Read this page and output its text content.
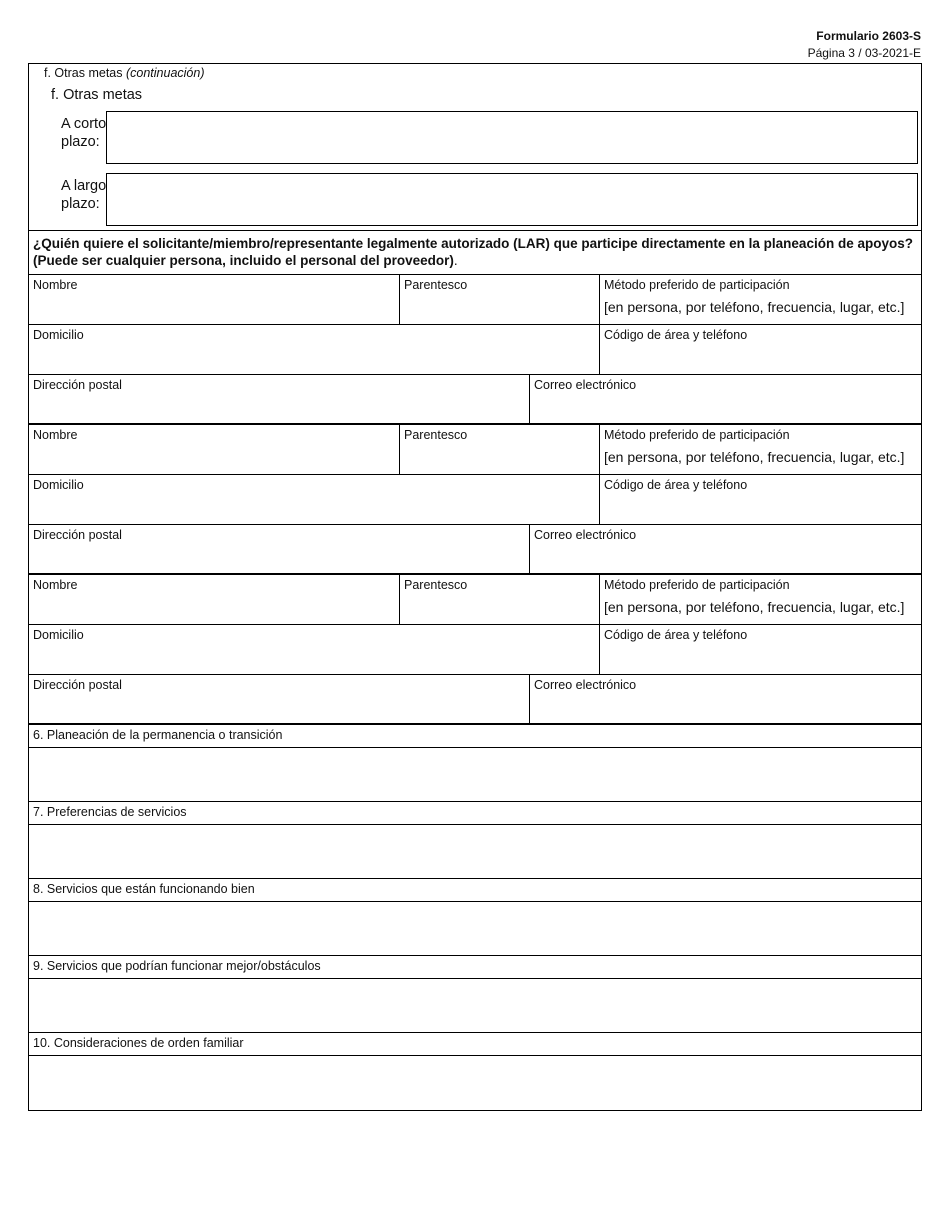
Formulario 2603-S
Página 3 / 03-2021-E
f. Otras metas (continuación)
f. Otras metas
A corto
plazo:
A largo
plazo:
¿Quién quiere el solicitante/miembro/representante legalmente autorizado (LAR) que participe directamente en la planeación de apoyos? (Puede ser cualquier persona, incluido el personal del proveedor).
Nombre	Parentesco	Método preferido de participación
[en persona, por teléfono, frecuencia, lugar, etc.]
Domicilio	Código de área y teléfono
Dirección postal	Correo electrónico
Nombre	Parentesco	Método preferido de participación
[en persona, por teléfono, frecuencia, lugar, etc.]
Domicilio	Código de área y teléfono
Dirección postal	Correo electrónico
Nombre	Parentesco	Método preferido de participación
[en persona, por teléfono, frecuencia, lugar, etc.]
Domicilio	Código de área y teléfono
Dirección postal	Correo electrónico
6. Planeación de la permanencia o transición
7. Preferencias de servicios
8. Servicios que están funcionando bien
9. Servicios que podrían funcionar mejor/obstáculos
10. Consideraciones de orden familiar
